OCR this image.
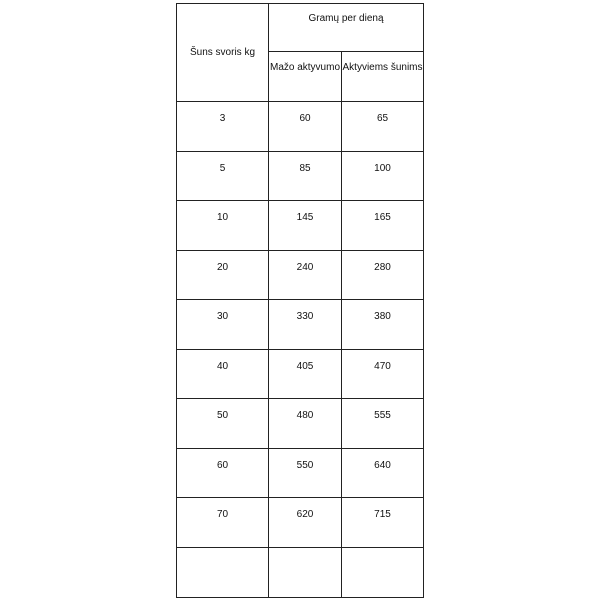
Šuns svoris kg	Gramų per dieną	
	Mažo aktyvumo	Aktyviems šunims
3	60	65
5	85	100
10	145	165
20	240	280
30	330	380
40	405	470
50	480	555
60	550	640
70	620	715
